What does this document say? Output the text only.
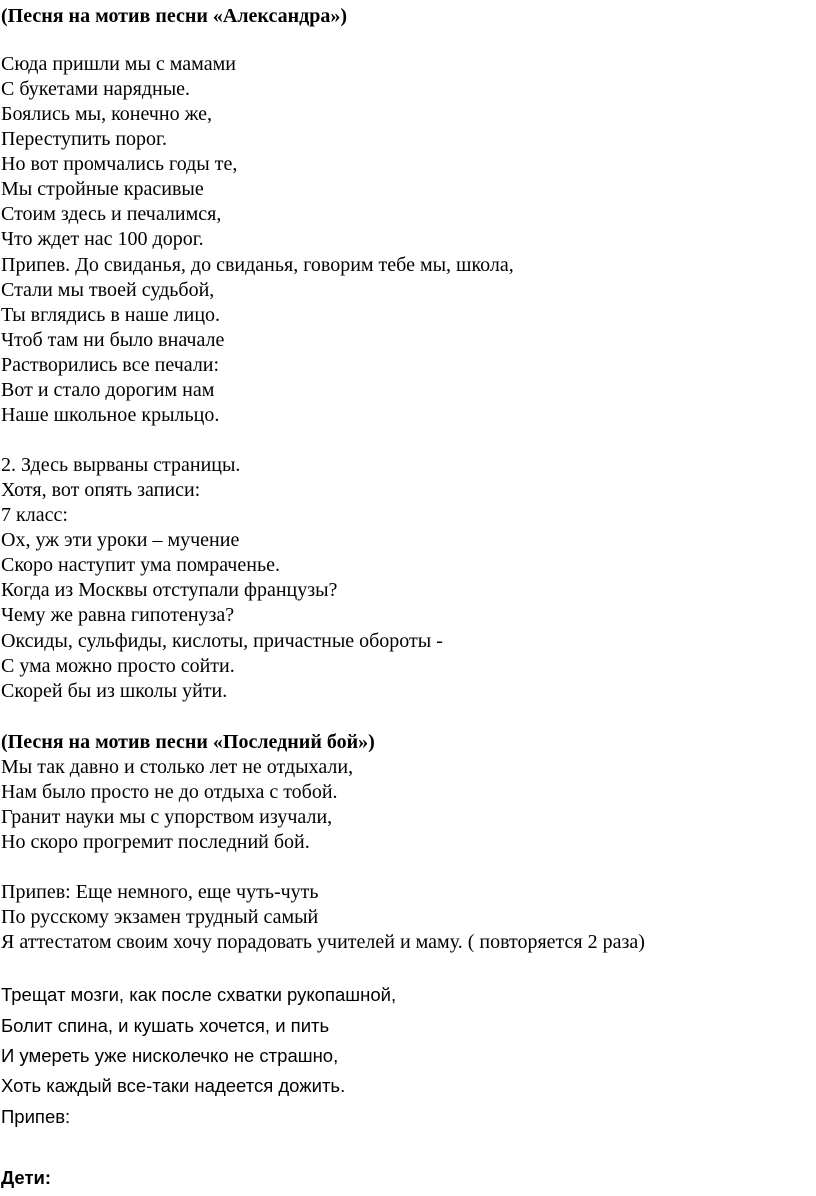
(Песня на мотив песни «Александра»)
Сюда пришли мы с мамами
С букетами нарядные.
Боялись мы, конечно же,
Переступить порог.
Но вот промчались годы те,
Мы стройные красивые
Стоим здесь и печалимся,
Что ждет нас 100 дорог.
Припев. До свиданья, до свиданья, говорим тебе мы, школа,
Стали мы твоей судьбой,
Ты вглядись в наше лицо.
Чтоб там ни было вначале
Растворились все печали:
Вот и стало дорогим нам
Наше школьное крыльцо.
2. Здесь вырваны страницы.
Хотя, вот опять записи:
7 класс:
Ох, уж эти уроки – мучение
Скоро наступит ума помраченье.
Когда из Москвы отступали французы?
Чему же равна гипотенуза?
Оксиды, сульфиды, кислоты, причастные обороты -
С ума можно просто сойти.
Скорей бы из школы уйти.
(Песня на мотив песни «Последний бой»)
Мы так давно и столько лет не отдыхали,
Нам было просто не до отдыха с тобой.
Гранит науки мы с упорством изучали,
Но скоро прогремит последний бой.
Припев: Еще немного, еще чуть-чуть
По русскому экзамен трудный самый
Я аттестатом своим хочу порадовать учителей и маму. ( повторяется 2 раза)
Трещат мозги, как после схватки рукопашной,
Болит спина, и кушать хочется, и пить
И умереть уже нисколечко не страшно,
Хоть каждый все-таки надеется дожить.
Припев:
Дети:
